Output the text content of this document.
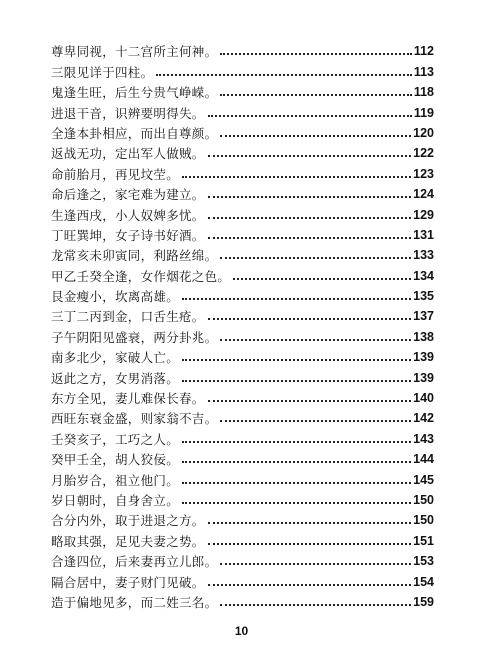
尊卑同视，十二宫所主何神。	112
三限见详于四柱。	113
鬼逢生旺，后生兮贵气峥嵘。	118
进退干音，识辨要明得失。	119
全逢本卦相应，而出自尊颜。	120
返战无功，定出军人做贼。	122
命前胎月，再见坟茔。	123
命后逢之，家宅难为建立。	124
生逢西戌，小人奴婢多忧。	129
丁旺巽坤，女子诗书好酒。	131
龙常亥未卯寅同，利路丝绵。	133
甲乙壬癸全逢，女作烟花之色。	134
艮金瘦小，坎离高雄。	135
三丁二丙到金，口舌生疮。	137
子午阴阳见盛衰，两分卦兆。	138
南多北少，家破人亡。	139
返此之方，女男消落。	139
东方全见，妻儿难保长春。	140
西旺东衰金盛，则家翁不吉。	142
壬癸亥子，工巧之人。	143
癸甲壬全，胡人狡佞。	144
月胎岁合，祖立他门。	145
岁日朝时，自身舍立。	150
合分内外，取于进退之方。	150
略取其强，足见夫妻之势。	151
合逢四位，后来妻再立儿郎。	153
隔合居中，妻子财门见破。	154
造于偏地见多，而二姓三名。	159
10
